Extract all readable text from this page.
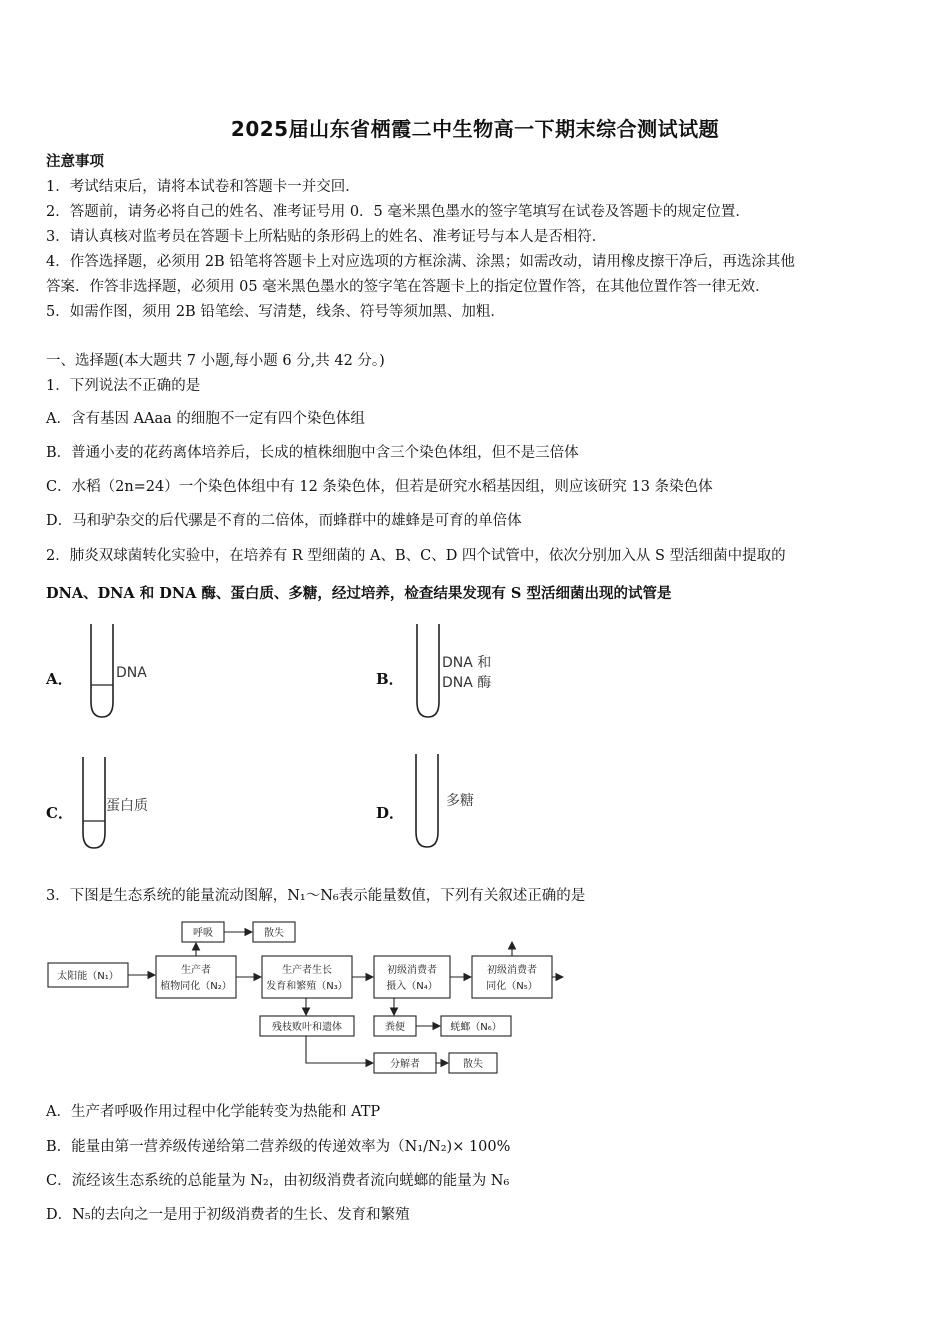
2025届山东省栖霞二中生物高一下期末综合测试试题
注意事项
1．考试结束后，请将本试卷和答题卡一并交回．
2．答题前，请务必将自己的姓名、准考证号用 0．5 毫米黑色墨水的签字笔填写在试卷及答题卡的规定位置．
3．请认真核对监考员在答题卡上所粘贴的条形码上的姓名、准考证号与本人是否相符．
4．作答选择题，必须用 2B 铅笔将答题卡上对应选项的方框涂满、涂黑；如需改动，请用橡皮擦干净后，再选涂其他
答案．作答非选择题，必须用 05 毫米黑色墨水的签字笔在答题卡上的指定位置作答，在其他位置作答一律无效．
5．如需作图，须用 2B 铅笔绘、写清楚，线条、符号等须加黑、加粗．
一、选择题(本大题共 7 小题,每小题 6 分,共 42 分。)
1．下列说法不正确的是
A．含有基因 AAaa 的细胞不一定有四个染色体组
B．普通小麦的花药离体培养后，长成的植株细胞中含三个染色体组，但不是三倍体
C．水稻（2n=24）一个染色体组中有 12 条染色体，但若是研究水稻基因组，则应该研究 13 条染色体
D．马和驴杂交的后代骡是不育的二倍体，而蜂群中的雄蜂是可育的单倍体
2．肺炎双球菌转化实验中，在培养有 R 型细菌的 A、B、C、D 四个试管中，依次分别加入从 S 型活细菌中提取的
DNA、DNA 和 DNA 酶、蛋白质、多糖，经过培养，检查结果发现有 S 型活细菌出现的试管是
A．	DNA	B．
DNA 和
DNA 酶
C． 蛋白质	D．
多糖
3．下图是生态系统的能量流动图解，N₁～N₆表示能量数值，下列有关叙述正确的是
呼吸	散失
太阳能（N₁）
生产者
植物同化（N₂）
生产者生长
发育和繁殖（N₃）
初级消费者
摄入（N₄）
初级消费者
同化（N₅）
残枝败叶和遗体	粪便	蜣螂（N₆）
分解者	散失
A．生产者呼吸作用过程中化学能转变为热能和 ATP
B．能量由第一营养级传递给第二营养级的传递效率为（N₁/N₂)× 100%
C．流经该生态系统的总能量为 N₂，由初级消费者流向蜣螂的能量为 N₆
D．N₅的去向之一是用于初级消费者的生长、发育和繁殖
